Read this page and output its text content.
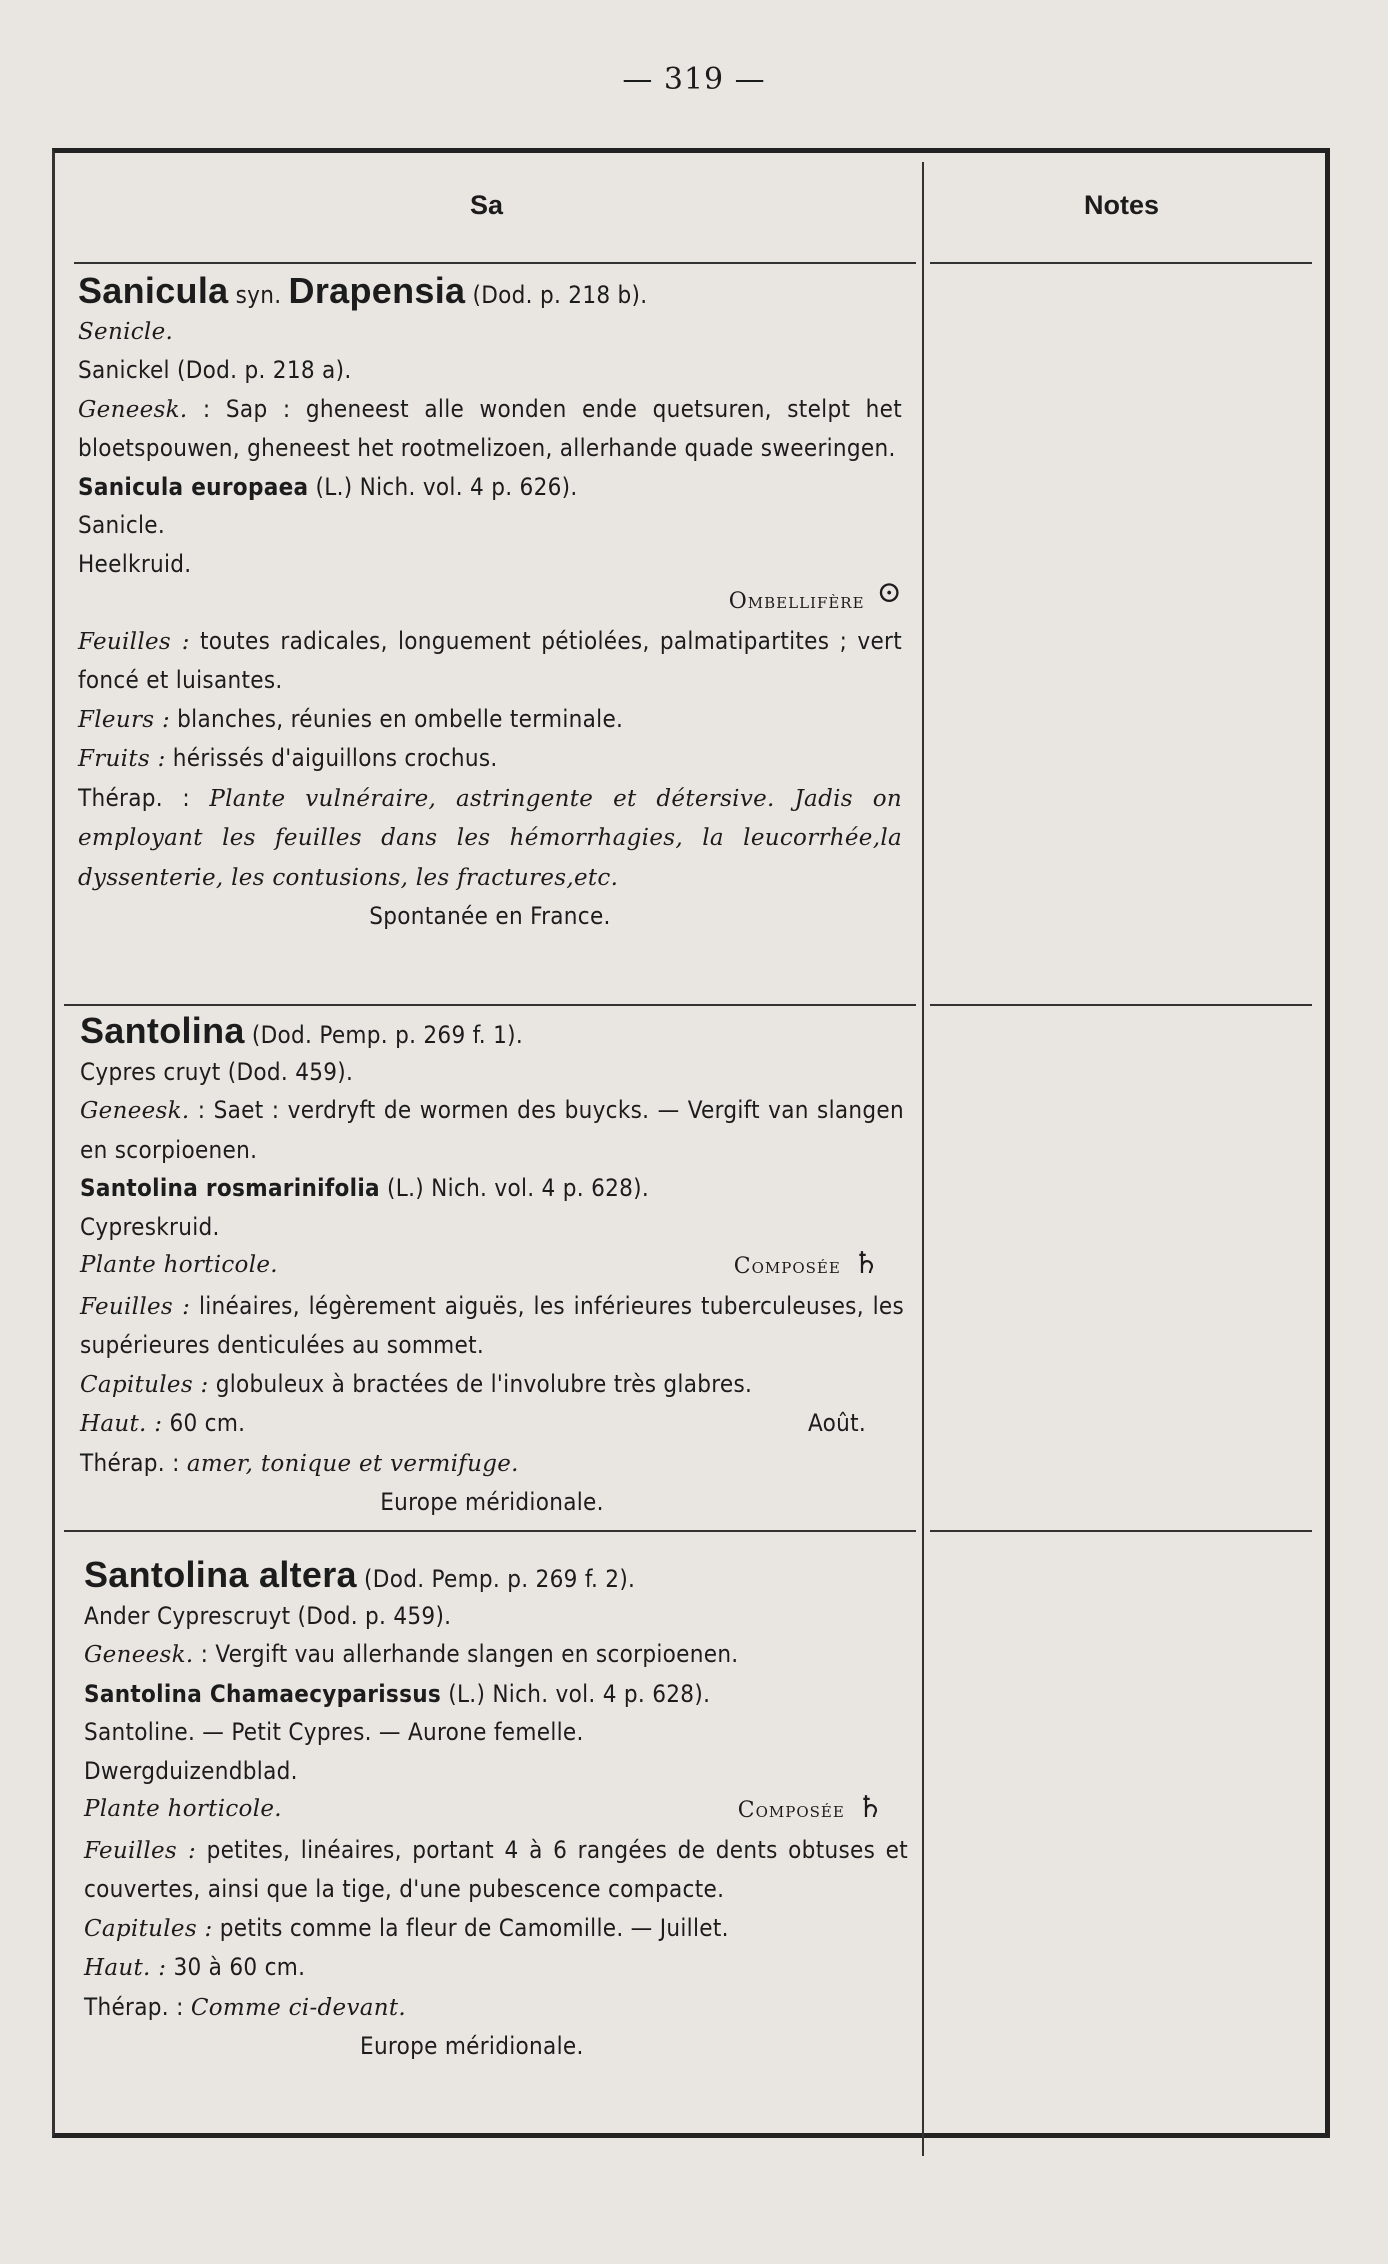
— 319 —
Sa	Notes

Sanicula syn. Drapensia (Dod. p. 218 b).

Senicle.

Sanickel (Dod. p. 218 a).

Geneesk. : Sap : gheneest alle wonden ende quetsuren, stelpt het bloetspouwen, gheneest het rootmelizoen, allerhande quade sweeringen.

Sanicula europaea (L.) Nich. vol. 4 p. 626).

Sanicle.

Heelkruid.

Ombellifère ⊙

Feuilles : toutes radicales, longuement pétiolées, palmatipartites ; vert foncé et luisantes.

Fleurs : blanches, réunies en ombelle terminale.

Fruits : hérissés d'aiguillons crochus.

Thérap. : Plante vulnéraire, astringente et détersive. Jadis on employant les feuilles dans les hémorrhagies, la leucorrhée,la dyssenterie, les contusions, les fractures,etc.

Spontanée en France.

Santolina (Dod. Pemp. p. 269 f. 1).

Cypres cruyt (Dod. 459).

Geneesk. : Saet : verdryft de wormen des buycks. — Vergift van slangen en scorpioenen.

Santolina rosmarinifolia (L.) Nich. vol. 4 p. 628).

Cypreskruid.

Plante horticole.	Composée ♄

Feuilles : linéaires, légèrement aiguës, les inférieures tuberculeuses, les supérieures denticulées au sommet.

Capitules : globuleux à bractées de l'involubre très glabres.

Haut. : 60 cm.	Août.

Thérap. : amer, tonique et vermifuge.

Europe méridionale.

Santolina altera (Dod. Pemp. p. 269 f. 2).

Ander Cyprescruyt (Dod. p. 459).

Geneesk. : Vergift vau allerhande slangen en scorpioenen.

Santolina Chamaecyparissus (L.) Nich. vol. 4 p. 628).

Santoline. — Petit Cypres. — Aurone femelle.

Dwergduizendblad.

Plante horticole.	Composée ♄

Feuilles : petites, linéaires, portant 4 à 6 rangées de dents obtuses et couvertes, ainsi que la tige, d'une pubescence compacte.

Capitules : petits comme la fleur de Camomille. — Juillet.

Haut. : 30 à 60 cm.

Thérap. : Comme ci-devant.

Europe méridionale.
